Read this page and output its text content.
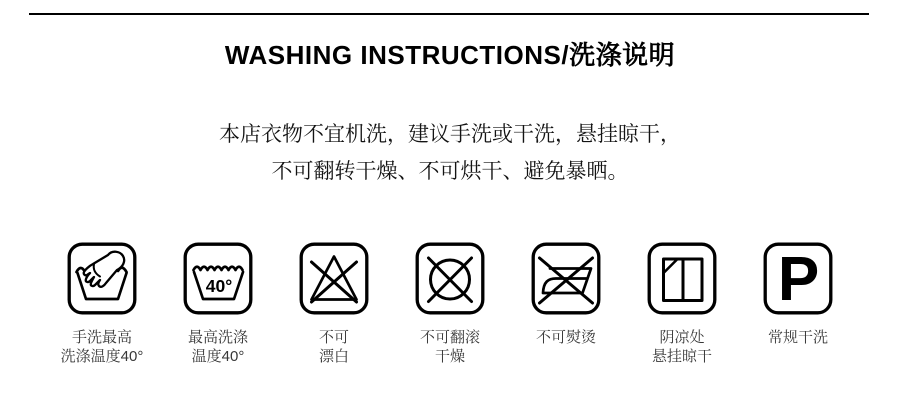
WASHING INSTRUCTIONS/洗涤说明

本店衣物不宜机洗，建议手洗或干洗，悬挂晾干，
不可翻转干燥、不可烘干、避免暴晒。

手洗最高
洗涤温度40°
40°
最高洗涤
温度40°
不可
漂白
不可翻滚
干燥
不可熨烫	阴凉处
悬挂晾干
P
常规干洗
